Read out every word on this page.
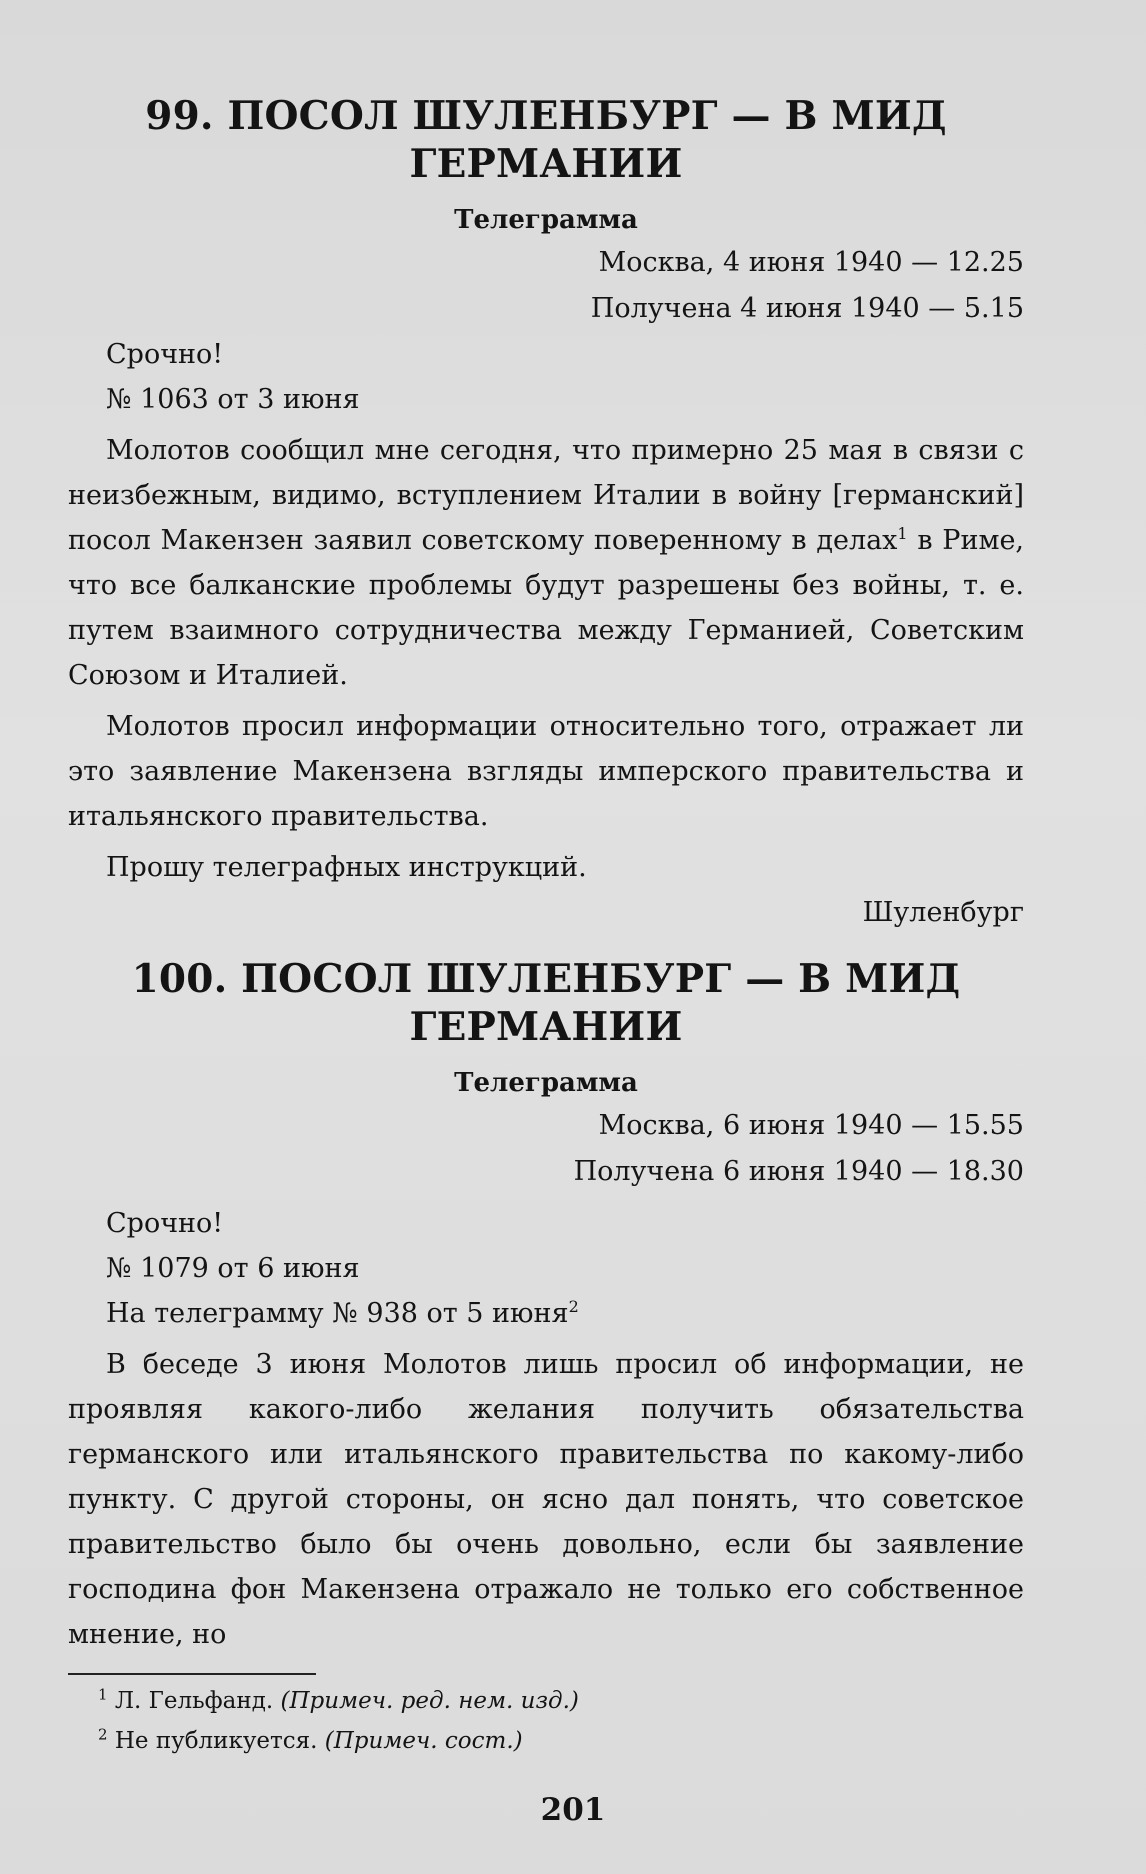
99. ПОСОЛ ШУЛЕНБУРГ — В МИД ГЕРМАНИИ
Телеграмма
Москва, 4 июня 1940 — 12.25
Получена 4 июня 1940 — 5.15
Срочно!
№ 1063 от 3 июня

Молотов сообщил мне сегодня, что примерно 25 мая в связи с неизбежным, видимо, вступлением Италии в войну [германский] посол Макензен заявил советскому поверенному в делах$^1$ в Риме, что все балканские проблемы будут разрешены без войны, т. е. путем взаимного сотрудничества между Германией, Советским Союзом и Италией.

Молотов просил информации относительно того, отражает ли это заявление Макензена взгляды имперского правительства и итальянского правительства.

Прошу телеграфных инструкций.

Шуленбург
100. ПОСОЛ ШУЛЕНБУРГ — В МИД ГЕРМАНИИ
Телеграмма
Москва, 6 июня 1940 — 15.55
Получена 6 июня 1940 — 18.30
Срочно!
№ 1079 от 6 июня
На телеграмму № 938 от 5 июня$^2$

В беседе 3 июня Молотов лишь просил об информации, не проявляя какого-либо желания получить обязательства германского или итальянского правительства по какому-либо пункту. С другой стороны, он ясно дал понять, что советское правительство было бы очень довольно, если бы заявление господина фон Макензена отражало не только его собственное мнение, но

$^1$ Л. Гельфанд. (Примеч. ред. нем. изд.)
$^2$ Не публикуется. (Примеч. сост.)
201
